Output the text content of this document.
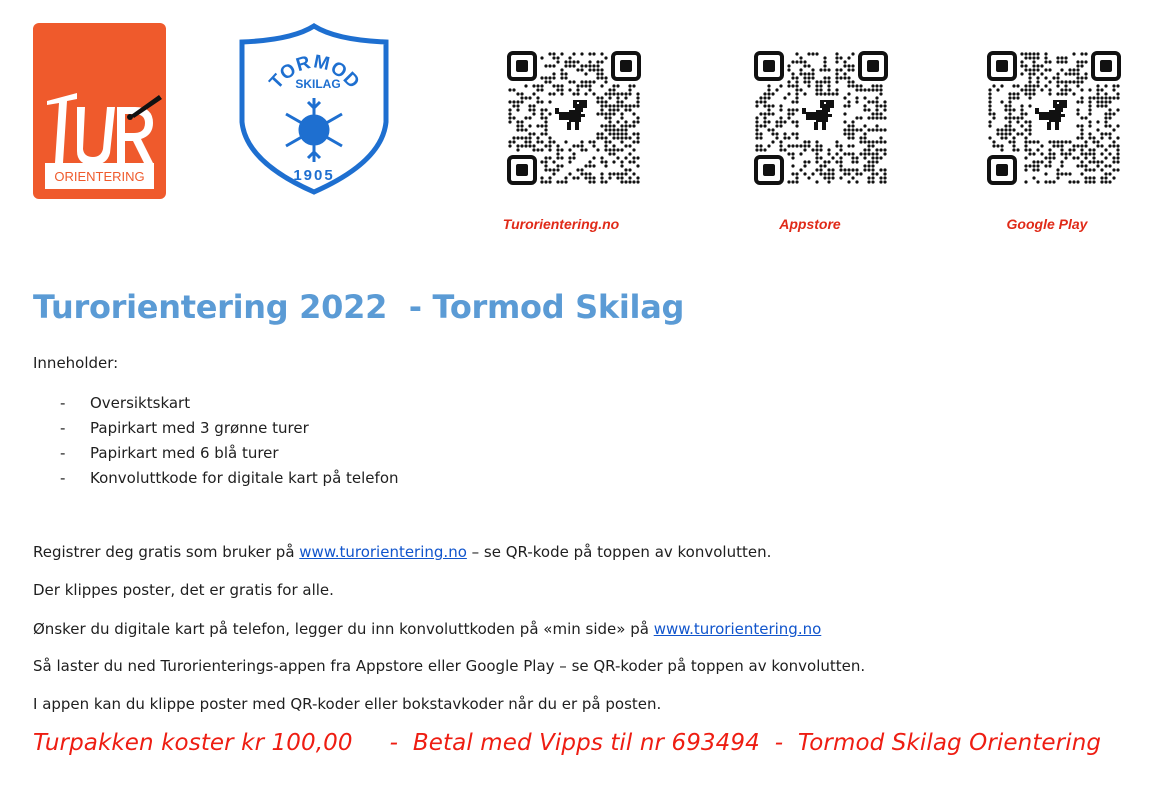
ORIENTERING
TORMOD
SKILAG
1905
Turorientering.no	Appstore	Google Play
Turorientering 2022  - Tormod Skilag
Inneholder:
-	Oversiktskart
-	Papirkart med 3 grønne turer
-	Papirkart med 6 blå turer
-	Konvoluttkode for digitale kart på telefon
Registrer deg gratis som bruker på www.turorientering.no – se QR-kode på toppen av konvolutten.
Der klippes poster, det er gratis for alle.
Ønsker du digitale kart på telefon, legger du inn konvoluttkoden på «min side» på www.turorientering.no
Så laster du ned Turorienterings-appen fra Appstore eller Google Play – se QR-koder på toppen av konvolutten.
I appen kan du klippe poster med QR-koder eller bokstavkoder når du er på posten.
Turpakken koster kr 100,00     -  Betal med Vipps til nr 693494  -  Tormod Skilag Orientering
